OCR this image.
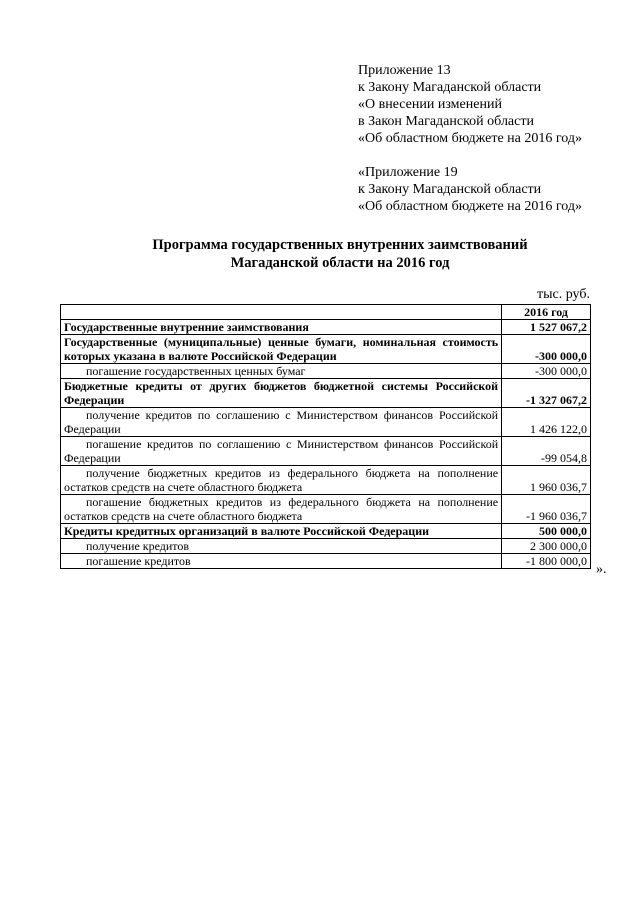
Приложение 13
к Закону Магаданской области
«О внесении изменений
в Закон Магаданской области
«Об областном бюджете на 2016 год»
«Приложение 19
к Закону Магаданской области
«Об областном бюджете на 2016 год»
Программа государственных внутренних заимствований
Магаданской области на 2016 год
тыс. руб.
	2016 год
Государственные внутренние заимствования	1 527 067,2
Государственные (муниципальные) ценные бумаги, номинальная стоимость которых указана в валюте Российской Федерации	-300 000,0
погашение государственных ценных бумаг	-300 000,0
Бюджетные кредиты от других бюджетов бюджетной системы Российской Федерации	-1 327 067,2
получение кредитов по соглашению с Министерством финансов Российской Федерации	1 426 122,0
погашение кредитов по соглашению с Министерством финансов Российской Федерации	-99 054,8
получение бюджетных кредитов из федерального бюджета на пополнение остатков средств на счете областного бюджета	1 960 036,7
погашение бюджетных кредитов из федерального бюджета на пополнение остатков средств на счете областного бюджета	-1 960 036,7
Кредиты кредитных организаций в валюте Российской Федерации	500 000,0
получение кредитов	2 300 000,0
погашение кредитов	-1 800 000,0
».
